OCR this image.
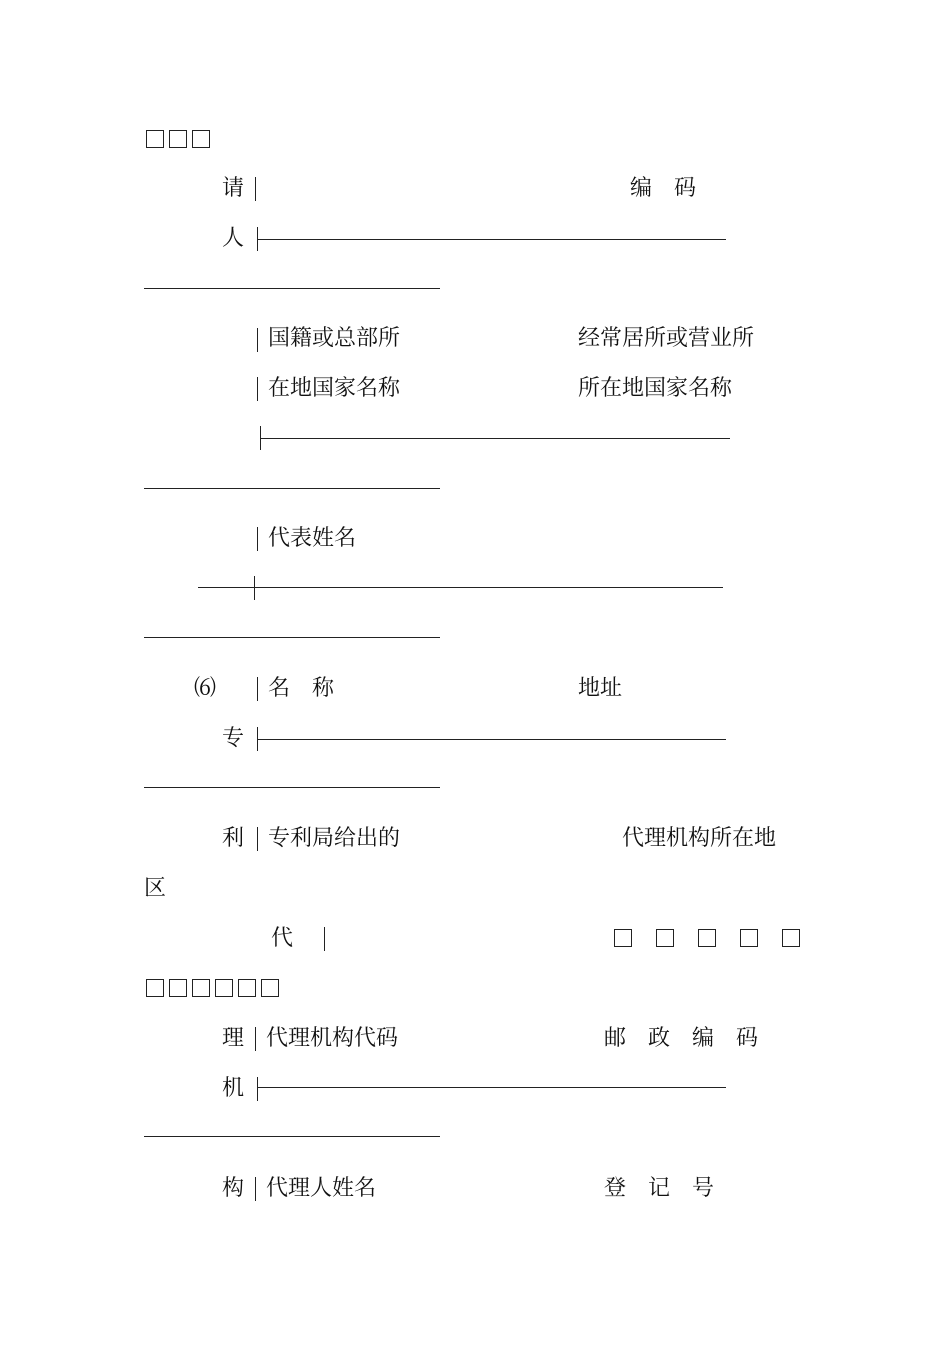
请	编　码
人
国籍或总部所	经常居所或营业所
在地国家名称	所在地国家名称
代表姓名
⑹ 名　称	地址
专
利 专利局给出的	代理机构所在地
区
代
理 代理机构代码	邮　政　编　码
机
构 代理人姓名	登　记　号
